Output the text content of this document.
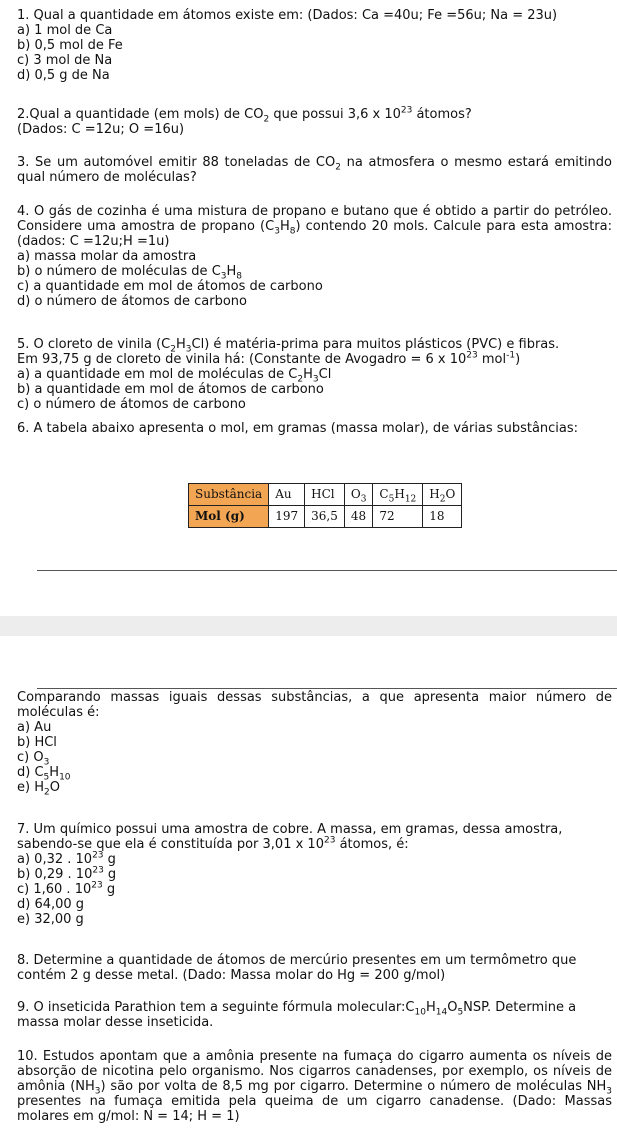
1. Qual a quantidade em átomos existe em: (Dados: Ca =40u; Fe =56u; Na = 23u)

a) 1 mol de Ca

b) 0,5 mol de Fe

c) 3 mol de Na

d) 0,5 g de Na

2.Qual a quantidade (em mols) de $CO_2$ que possui 3,6 x $10^{23}$ átomos?

(Dados: C =12u; O =16u)

3. Se um automóvel emitir 88 toneladas de $CO_2$ na atmosfera o mesmo estará emitindo qual número de moléculas?

4. O gás de cozinha é uma mistura de propano e butano que é obtido a partir do petróleo. Considere uma amostra de propano $(C_3H_8)$ contendo 20 mols. Calcule para esta amostra: (dados: C =12u;H =1u)

a) massa molar da amostra

b) o número de moléculas de $C_3H_8$

c) a quantidade em mol de átomos de carbono

d) o número de átomos de carbono

5. O cloreto de vinila $(C_2H_3Cl)$ é matéria-prima para muitos plásticos (PVC) e fibras.

Em 93,75 g de cloreto de vinila há: (Constante de Avogadro = 6 x $10^{23}$ mol$^{-1}$)

a) a quantidade em mol de moléculas de $C_2H_3Cl$

b) a quantidade em mol de átomos de carbono

c) o número de átomos de carbono

6. A tabela abaixo apresenta o mol, em gramas (massa molar), de várias substâncias:

Substância	Au	HCl	$O_3$	$C_5H_{12}$	$H_2O$
Mol (g)	197	36,5	48	72	18

Comparando massas iguais dessas substâncias, a que apresenta maior número de moléculas é:

a) Au

b) HCl

c) $O_3$

d) $C_5H_{10}$

e) $H_2O$

7. Um químico possui uma amostra de cobre. A massa, em gramas, dessa amostra, sabendo-se que ela é constituída por 3,01 x $10^{23}$ átomos, é:

a) 0,32 . $10^{23}$ g

b) 0,29 . $10^{23}$ g

c) 1,60 . $10^{23}$ g

d) 64,00 g

e) 32,00 g

8. Determine a quantidade de átomos de mercúrio presentes em um termômetro que contém 2 g desse metal. (Dado: Massa molar do Hg = 200 g/mol)

9. O inseticida Parathion tem a seguinte fórmula $molecular:C_{10}H_{14}O_5NSP$. Determine a massa molar desse inseticida.

10. Estudos apontam que a amônia presente na fumaça do cigarro aumenta os níveis de absorção de nicotina pelo organismo. Nos cigarros canadenses, por exemplo, os níveis de amônia $(NH_3)$ são por volta de 8,5 mg por cigarro. Determine o número de moléculas $NH_3$ presentes na fumaça emitida pela queima de um cigarro canadense. (Dado: Massas molares em g/mol: N = 14; H = 1)
